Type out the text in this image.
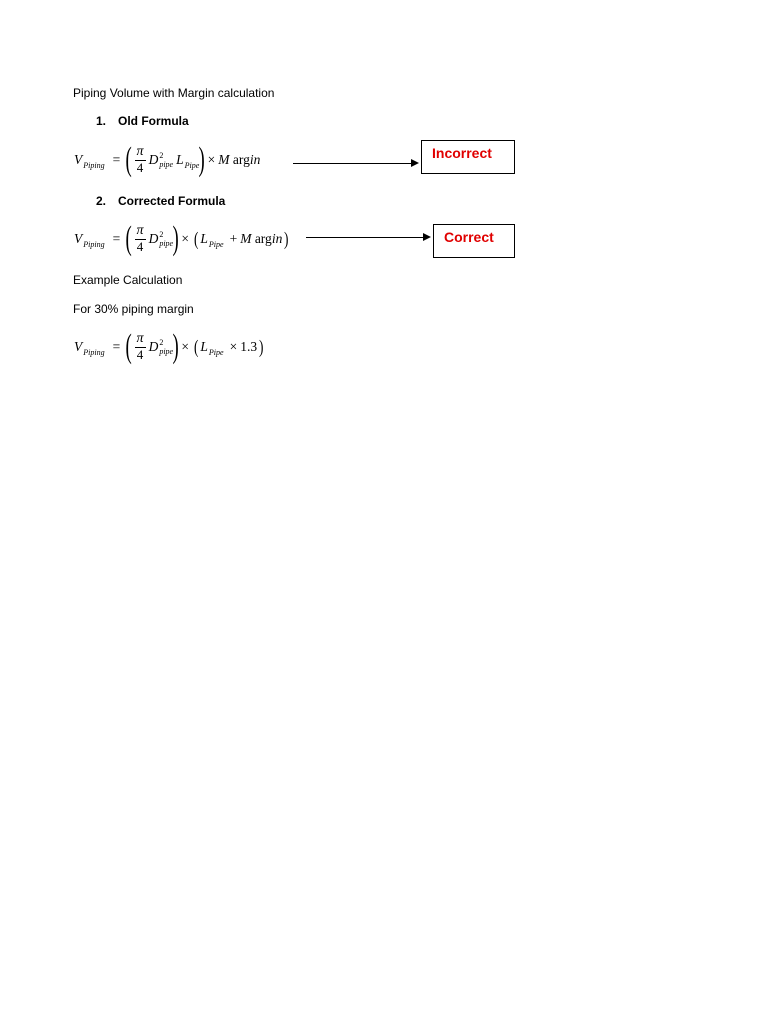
Piping Volume with Margin calculation
1. Old Formula
V Piping = ( $\frac{\pi}{4}$ D 2
pipe L Pipe ) × M
arg in	Incorrect
2. Corrected Formula
V Piping = ( $\frac{\pi}{4}$ D 2
pipe ) × ( L Pipe + M
arg in )	Correct
Example Calculation
For 30% piping margin
V Piping = ( $\frac{\pi}{4}$ D 2
pipe ) × ( L Pipe × 1.3 )
